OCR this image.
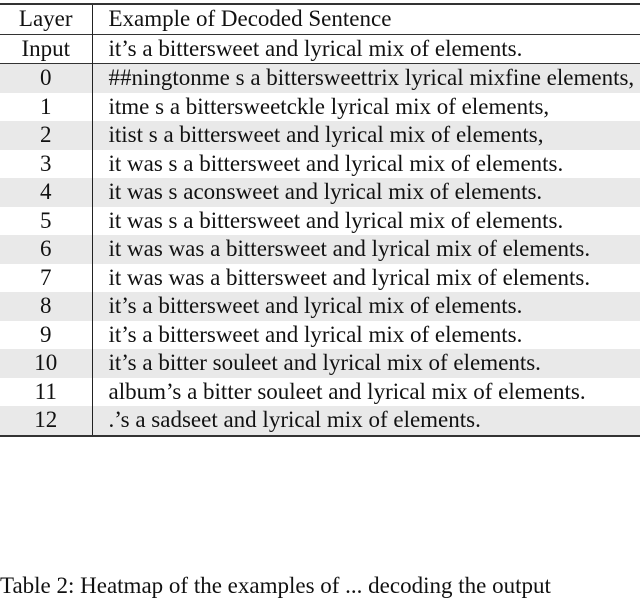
Layer	Example of Decoded Sentence
Input	it’s a bittersweet and lyrical mix of elements.
0	##ningtonme s a bittersweettrix lyrical mixfine elements,
1	itme s a bittersweetckle lyrical mix of elements,
2	itist s a bittersweet and lyrical mix of elements,
3	it was s a bittersweet and lyrical mix of elements.
4	it was s aconsweet and lyrical mix of elements.
5	it was s a bittersweet and lyrical mix of elements.
6	it was was a bittersweet and lyrical mix of elements.
7	it was was a bittersweet and lyrical mix of elements.
8	it’s a bittersweet and lyrical mix of elements.
9	it’s a bittersweet and lyrical mix of elements.
10	it’s a bitter souleet and lyrical mix of elements.
11	album’s a bitter souleet and lyrical mix of elements.
12	.’s a sadseet and lyrical mix of elements.
Table 2: Heatmap of the examples of ... decoding the output
